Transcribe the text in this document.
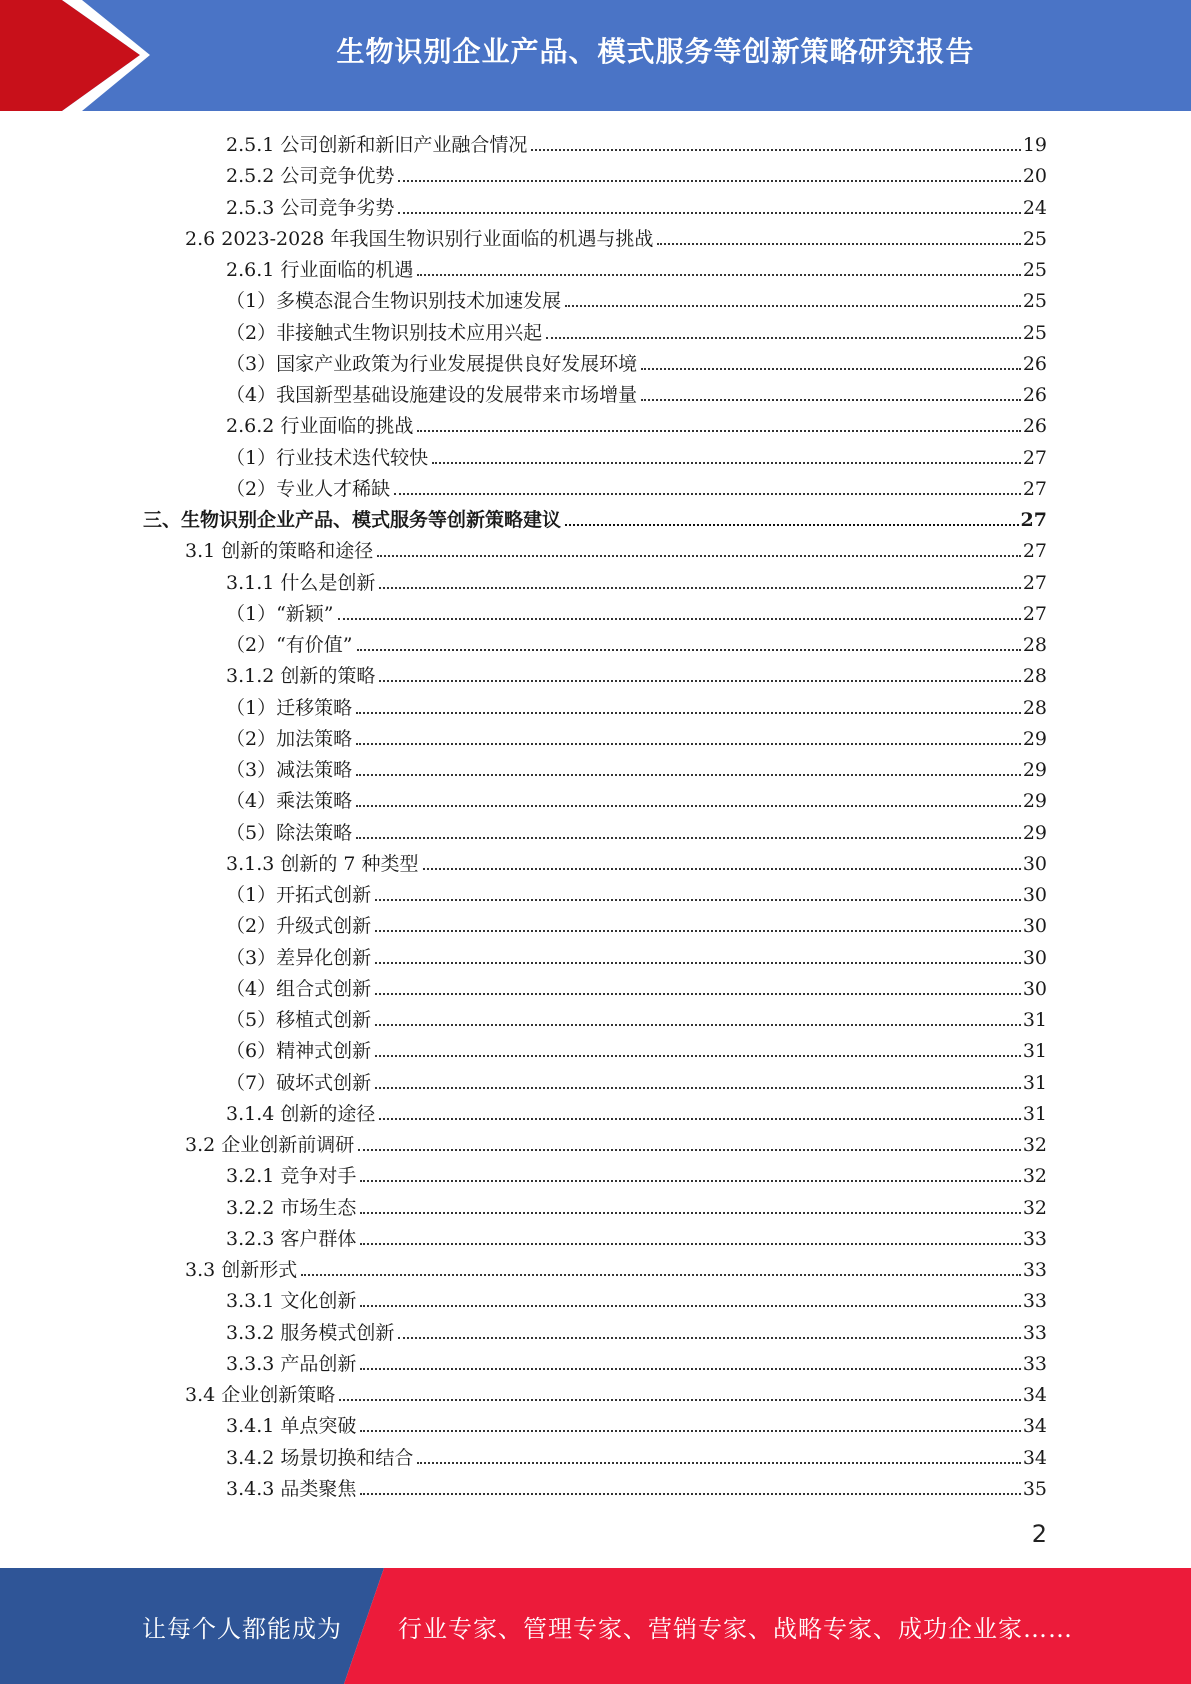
生物识别企业产品、模式服务等创新策略研究报告
2.5.1 公司创新和新旧产业融合情况	19
2.5.2 公司竞争优势	20
2.5.3 公司竞争劣势	24
2.6 2023-2028 年我国生物识别行业面临的机遇与挑战	25
2.6.1 行业面临的机遇	25
（1）多模态混合生物识别技术加速发展	25
（2）非接触式生物识别技术应用兴起	25
（3）国家产业政策为行业发展提供良好发展环境	26
（4）我国新型基础设施建设的发展带来市场增量	26
2.6.2 行业面临的挑战	26
（1）行业技术迭代较快	27
（2）专业人才稀缺	27
三、生物识别企业产品、模式服务等创新策略建议	27
3.1 创新的策略和途径	27
3.1.1 什么是创新	27
（1）“新颖”	27
（2）“有价值”	28
3.1.2 创新的策略	28
（1）迁移策略	28
（2）加法策略	29
（3）减法策略	29
（4）乘法策略	29
（5）除法策略	29
3.1.3 创新的 7 种类型	30
（1）开拓式创新	30
（2）升级式创新	30
（3）差异化创新	30
（4）组合式创新	30
（5）移植式创新	31
（6）精神式创新	31
（7）破坏式创新	31
3.1.4 创新的途径	31
3.2 企业创新前调研	32
3.2.1 竞争对手	32
3.2.2 市场生态	32
3.2.3 客户群体	33
3.3 创新形式	33
3.3.1 文化创新	33
3.3.2 服务模式创新	33
3.3.3 产品创新	33
3.4 企业创新策略	34
3.4.1 单点突破	34
3.4.2 场景切换和结合	34
3.4.3 品类聚焦	35
2
让每个人都能成为 行业专家、管理专家、营销专家、战略专家、成功企业家……
